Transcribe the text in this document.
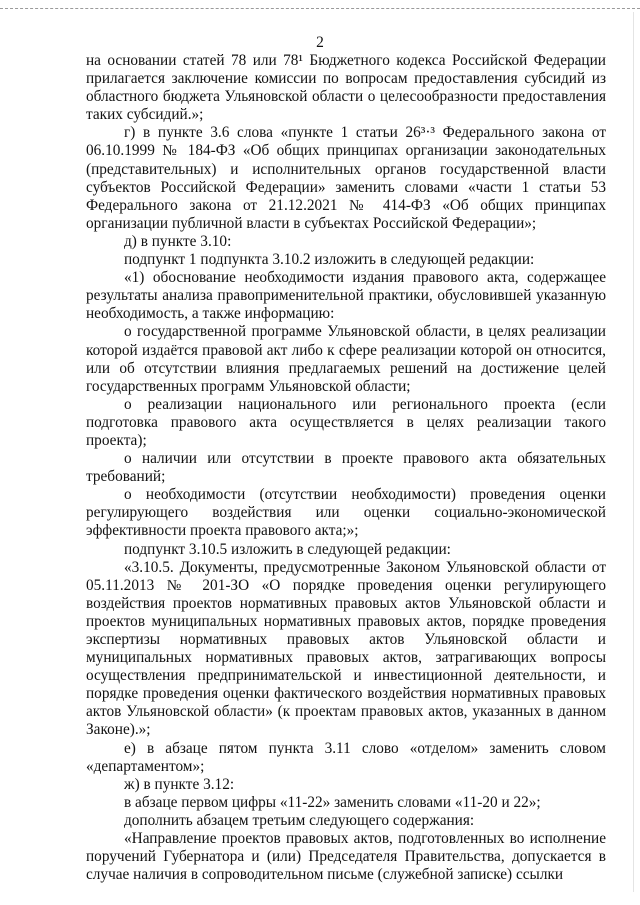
2

на основании статей 78 или 78¹ Бюджетного кодекса Российской Федерации прилагается заключение комиссии по вопросам предоставления субсидий из областного бюджета Ульяновской области о целесообразности предоставления таких субсидий.»;

г) в пункте 3.6 слова «пункте 1 статьи 26³·³ Федерального закона от 06.10.1999 № 184-ФЗ «Об общих принципах организации законодательных (представительных) и исполнительных органов государственной власти субъектов Российской Федерации» заменить словами «части 1 статьи 53 Федерального закона от 21.12.2021 № 414-ФЗ «Об общих принципах организации публичной власти в субъектах Российской Федерации»;

д) в пункте 3.10:

подпункт 1 подпункта 3.10.2 изложить в следующей редакции:

«1) обоснование необходимости издания правового акта, содержащее результаты анализа правоприменительной практики, обусловившей указанную необходимость, а также информацию:

о государственной программе Ульяновской области, в целях реализации которой издаётся правовой акт либо к сфере реализации которой он относится, или об отсутствии влияния предлагаемых решений на достижение целей государственных программ Ульяновской области;

о реализации национального или регионального проекта (если подготовка правового акта осуществляется в целях реализации такого проекта);

о наличии или отсутствии в проекте правового акта обязательных требований;

о необходимости (отсутствии необходимости) проведения оценки регулирующего воздействия или оценки социально-экономической эффективности проекта правового акта;»;

подпункт 3.10.5 изложить в следующей редакции:

«3.10.5. Документы, предусмотренные Законом Ульяновской области от 05.11.2013 № 201-ЗО «О порядке проведения оценки регулирующего воздействия проектов нормативных правовых актов Ульяновской области и проектов муниципальных нормативных правовых актов, порядке проведения экспертизы нормативных правовых актов Ульяновской области и муниципальных нормативных правовых актов, затрагивающих вопросы осуществления предпринимательской и инвестиционной деятельности, и порядке проведения оценки фактического воздействия нормативных правовых актов Ульяновской области» (к проектам правовых актов, указанных в данном Законе).»;

е) в абзаце пятом пункта 3.11 слово «отделом» заменить словом «департаментом»;

ж) в пункте 3.12:

в абзаце первом цифры «11-22» заменить словами «11-20 и 22»;

дополнить абзацем третьим следующего содержания:

«Направление проектов правовых актов, подготовленных во исполнение поручений Губернатора и (или) Председателя Правительства, допускается в случае наличия в сопроводительном письме (служебной записке) ссылки
